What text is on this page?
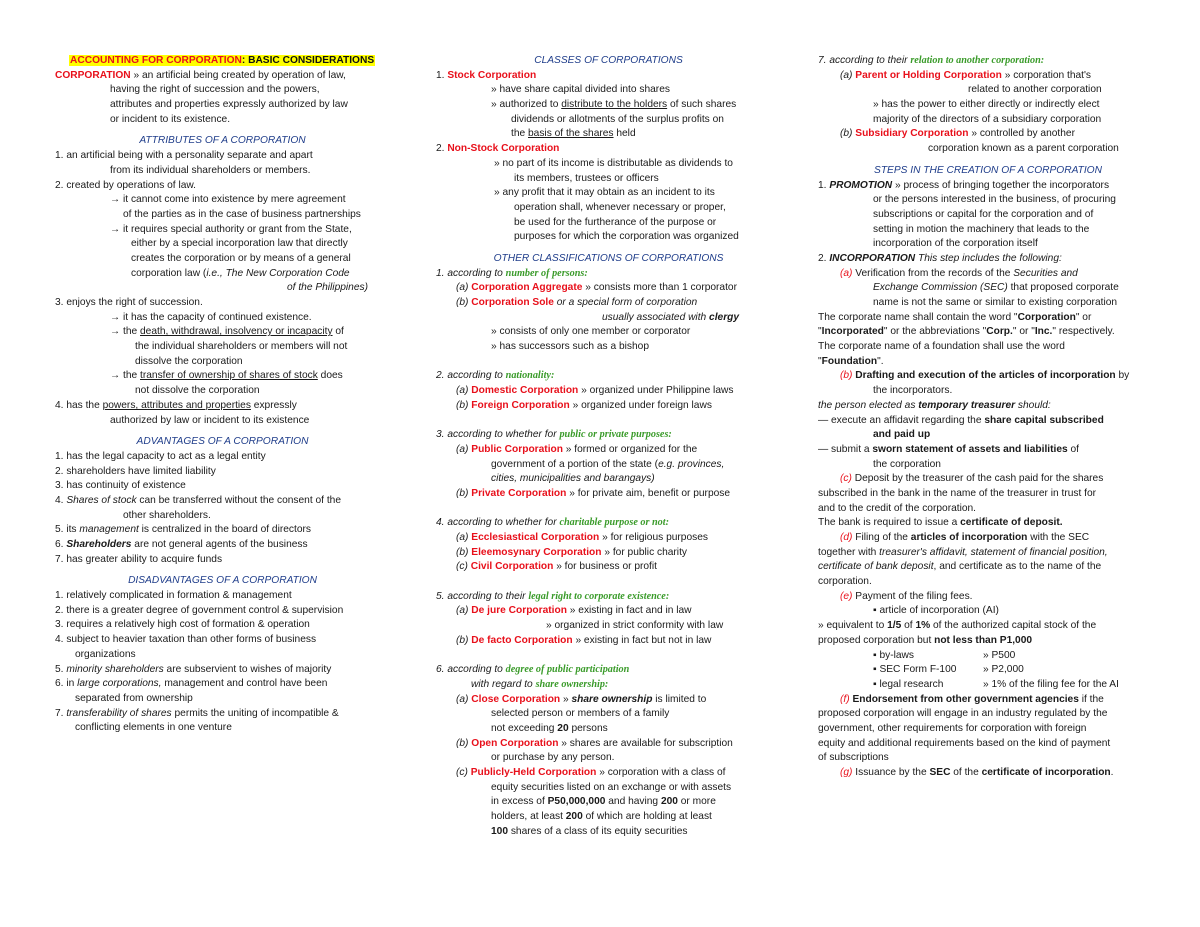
ACCOUNTING FOR CORPORATION: BASIC CONSIDERATIONS
CORPORATION » an artificial being created by operation of law,
having the right of succession and the powers,
attributes and properties expressly authorized by law
or incident to its existence.
ATTRIBUTES OF A CORPORATION
1. an artificial being with a personality separate and apart
from its individual shareholders or members.
2. created by operations of law.
→ it cannot come into existence by mere agreement
of the parties as in the case of business partnerships
→ it requires special authority or grant from the State,
either by a special incorporation law that directly
creates the corporation or by means of a general
corporation law (i.e., The New Corporation Code
of the Philippines)
3. enjoys the right of succession.
→ it has the capacity of continued existence.
→ the death, withdrawal, insolvency or incapacity of
the individual shareholders or members will not
dissolve the corporation
→ the transfer of ownership of shares of stock does
not dissolve the corporation
4. has the powers, attributes and properties expressly
authorized by law or incident to its existence
ADVANTAGES OF A CORPORATION
1. has the legal capacity to act as a legal entity
2. shareholders have limited liability
3. has continuity of existence
4. Shares of stock can be transferred without the consent of the
other shareholders.
5. its management is centralized in the board of directors
6. Shareholders are not general agents of the business
7. has greater ability to acquire funds
DISADVANTAGES OF A CORPORATION
1. relatively complicated in formation & management
2. there is a greater degree of government control & supervision
3. requires a relatively high cost of formation & operation
4. subject to heavier taxation than other forms of business
organizations
5. minority shareholders are subservient to wishes of majority
6. in large corporations, management and control have been
separated from ownership
7. transferability of shares permits the uniting of incompatible &
conflicting elements in one venture
CLASSES OF CORPORATIONS
1. Stock Corporation
» have share capital divided into shares
» authorized to distribute to the holders of such shares
dividends or allotments of the surplus profits on
the basis of the shares held
2. Non-Stock Corporation
» no part of its income is distributable as dividends to
its members, trustees or officers
» any profit that it may obtain as an incident to its
operation shall, whenever necessary or proper,
be used for the furtherance of the purpose or
purposes for which the corporation was organized
OTHER CLASSIFICATIONS OF CORPORATIONS
1. according to number of persons:
(a) Corporation Aggregate » consists more than 1 corporator
(b) Corporation Sole or a special form of corporation
usually associated with clergy
» consists of only one member or corporator
» has successors such as a bishop
2. according to nationality:
(a) Domestic Corporation » organized under Philippine laws
(b) Foreign Corporation » organized under foreign laws
3. according to whether for public or private purposes:
(a) Public Corporation » formed or organized for the
government of a portion of the state (e.g. provinces,
cities, municipalities and barangays)
(b) Private Corporation » for private aim, benefit or purpose
4. according to whether for charitable purpose or not:
(a) Ecclesiastical Corporation » for religious purposes
(b) Eleemosynary Corporation » for public charity
(c) Civil Corporation » for business or profit
5. according to their legal right to corporate existence:
(a) De jure Corporation » existing in fact and in law
» organized in strict conformity with law
(b) De facto Corporation » existing in fact but not in law
6. according to degree of public participation
with regard to share ownership:
(a) Close Corporation » share ownership is limited to
selected person or members of a family
not exceeding 20 persons
(b) Open Corporation » shares are available for subscription
or purchase by any person.
(c) Publicly-Held Corporation » corporation with a class of
equity securities listed on an exchange or with assets
in excess of P50,000,000 and having 200 or more
holders, at least 200 of which are holding at least
100 shares of a class of its equity securities
7. according to their relation to another corporation:
(a) Parent or Holding Corporation » corporation that's
related to another corporation
» has the power to either directly or indirectly elect
majority of the directors of a subsidiary corporation
(b) Subsidiary Corporation » controlled by another
corporation known as a parent corporation
STEPS IN THE CREATION OF A CORPORATION
1. PROMOTION » process of bringing together the incorporators
or the persons interested in the business, of procuring
subscriptions or capital for the corporation and of
setting in motion the machinery that leads to the
incorporation of the corporation itself
2. INCORPORATION This step includes the following:
(a) Verification from the records of the Securities and
Exchange Commission (SEC) that proposed corporate
name is not the same or similar to existing corporation
The corporate name shall contain the word "Corporation" or
"Incorporated" or the abbreviations "Corp." or "Inc." respectively.
The corporate name of a foundation shall use the word
"Foundation".
(b) Drafting and execution of the articles of incorporation by
the incorporators.
the person elected as temporary treasurer should:
— execute an affidavit regarding the share capital subscribed
and paid up
— submit a sworn statement of assets and liabilities of
the corporation
(c) Deposit by the treasurer of the cash paid for the shares
subscribed in the bank in the name of the treasurer in trust for
and to the credit of the corporation.
The bank is required to issue a certificate of deposit.
(d) Filing of the articles of incorporation with the SEC
together with treasurer's affidavit, statement of financial position,
certificate of bank deposit, and certificate as to the name of the
corporation.
(e) Payment of the filing fees.
▪ article of incorporation (AI)
» equivalent to 1/5 of 1% of the authorized capital stock of the
proposed corporation but not less than P1,000
▪ by-laws	» P500
▪ SEC Form F-100	» P2,000
▪ legal research	» 1% of the filing fee for the AI
(f) Endorsement from other government agencies if the
proposed corporation will engage in an industry regulated by the
government, other requirements for corporation with foreign
equity and additional requirements based on the kind of payment
of subscriptions
(g) Issuance by the SEC of the certificate of incorporation.
